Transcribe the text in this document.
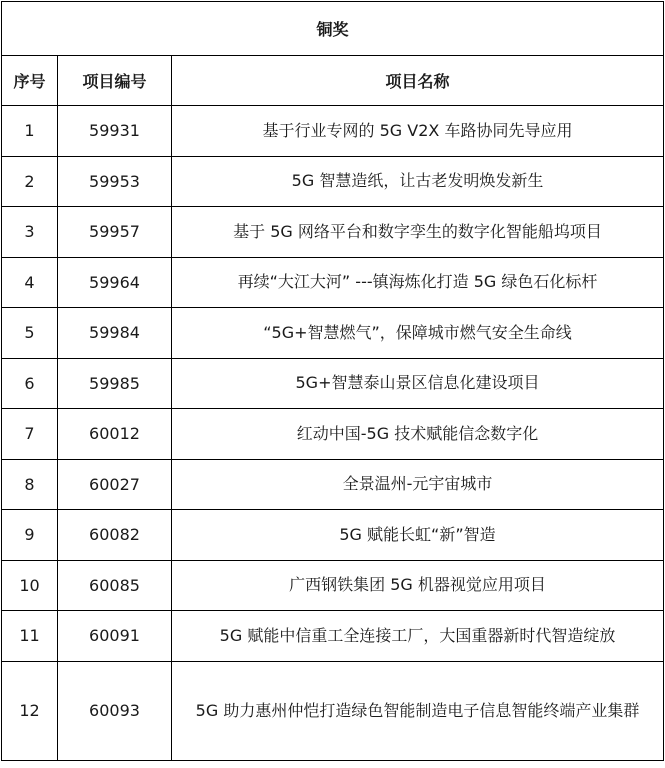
铜奖		
序号	项目编号	项目名称
1	59931	基于行业专网的 5G V2X 车路协同先导应用
2	59953	5G 智慧造纸，让古老发明焕发新生
3	59957	基于 5G 网络平台和数字孪生的数字化智能船坞项目
4	59964	再续“大江大河” ---镇海炼化打造 5G 绿色石化标杆
5	59984	“5G+智慧燃气”，保障城市燃气安全生命线
6	59985	5G+智慧泰山景区信息化建设项目
7	60012	红动中国-5G 技术赋能信念数字化
8	60027	全景温州-元宇宙城市
9	60082	5G 赋能长虹“新”智造
10	60085	广西钢铁集团 5G 机器视觉应用项目
11	60091	5G 赋能中信重工全连接工厂，大国重器新时代智造绽放
12	60093	5G 助力惠州仲恺打造绿色智能制造电子信息智能终端产业集群
